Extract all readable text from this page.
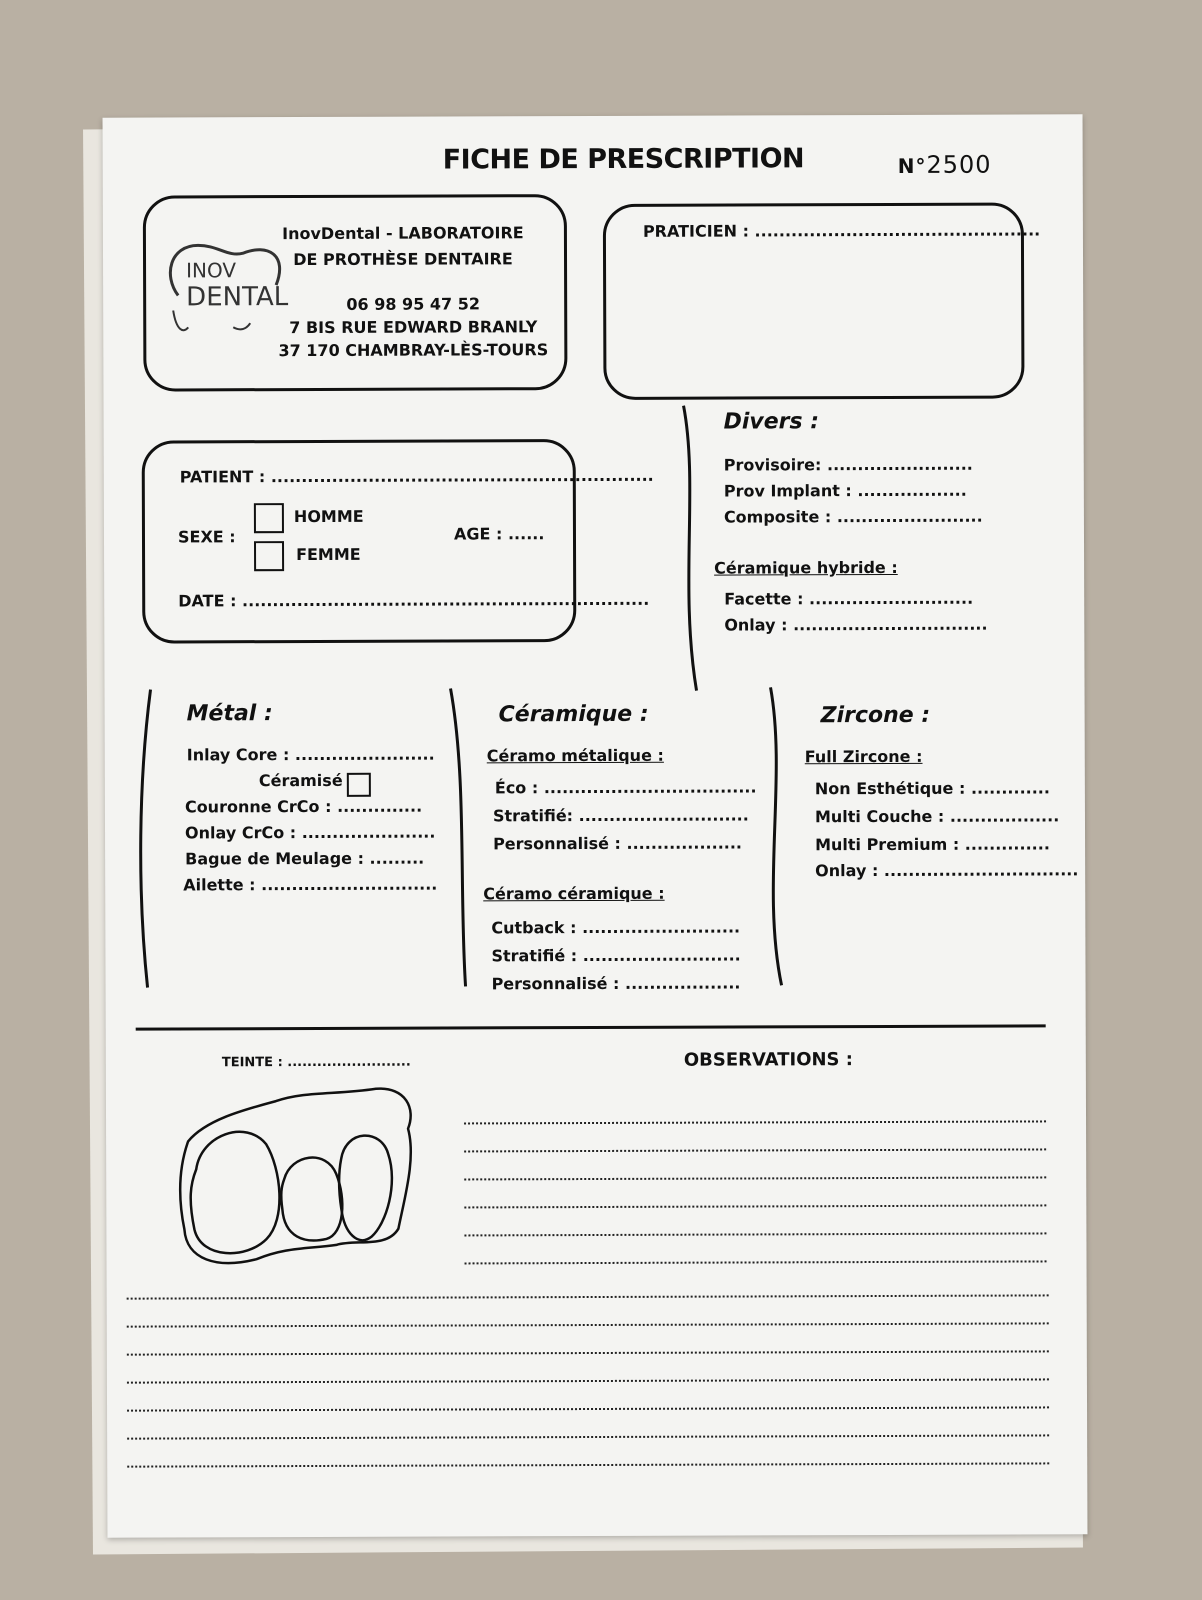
FICHE DE PRESCRIPTION	N°2500
INOV
DENTAL
InovDental - LABORATOIRE
DE PROTHÈSE DENTAIRE
06 98 95 47 52
7 BIS RUE EDWARD BRANLY
37 170 CHAMBRAY-LÈS-TOURS
PRATICIEN : ...............................................
PATIENT : ...............................................................
SEXE :
HOMME
FEMME
AGE : ......
DATE : ...................................................................
Divers :
Provisoire: ........................
Prov Implant : ..................
Composite : ........................
Céramique hybride :
Facette : ...........................
Onlay : ................................
Métal :
Inlay Core : .......................
Céramisé
Couronne CrCo : ..............
Onlay CrCo : ......................
Bague de Meulage : .........
Ailette : .............................
Céramique :
Céramo métalique :
Éco : ...................................
Stratifié: ............................
Personnalisé : ...................
Céramo céramique :
Cutback : ..........................
Stratifié : ..........................
Personnalisé : ...................
Zircone :
Full Zircone :
Non Esthétique : .............
Multi Couche : ..................
Multi Premium : ..............
Onlay : ................................
TEINTE : .........................	OBSERVATIONS :
